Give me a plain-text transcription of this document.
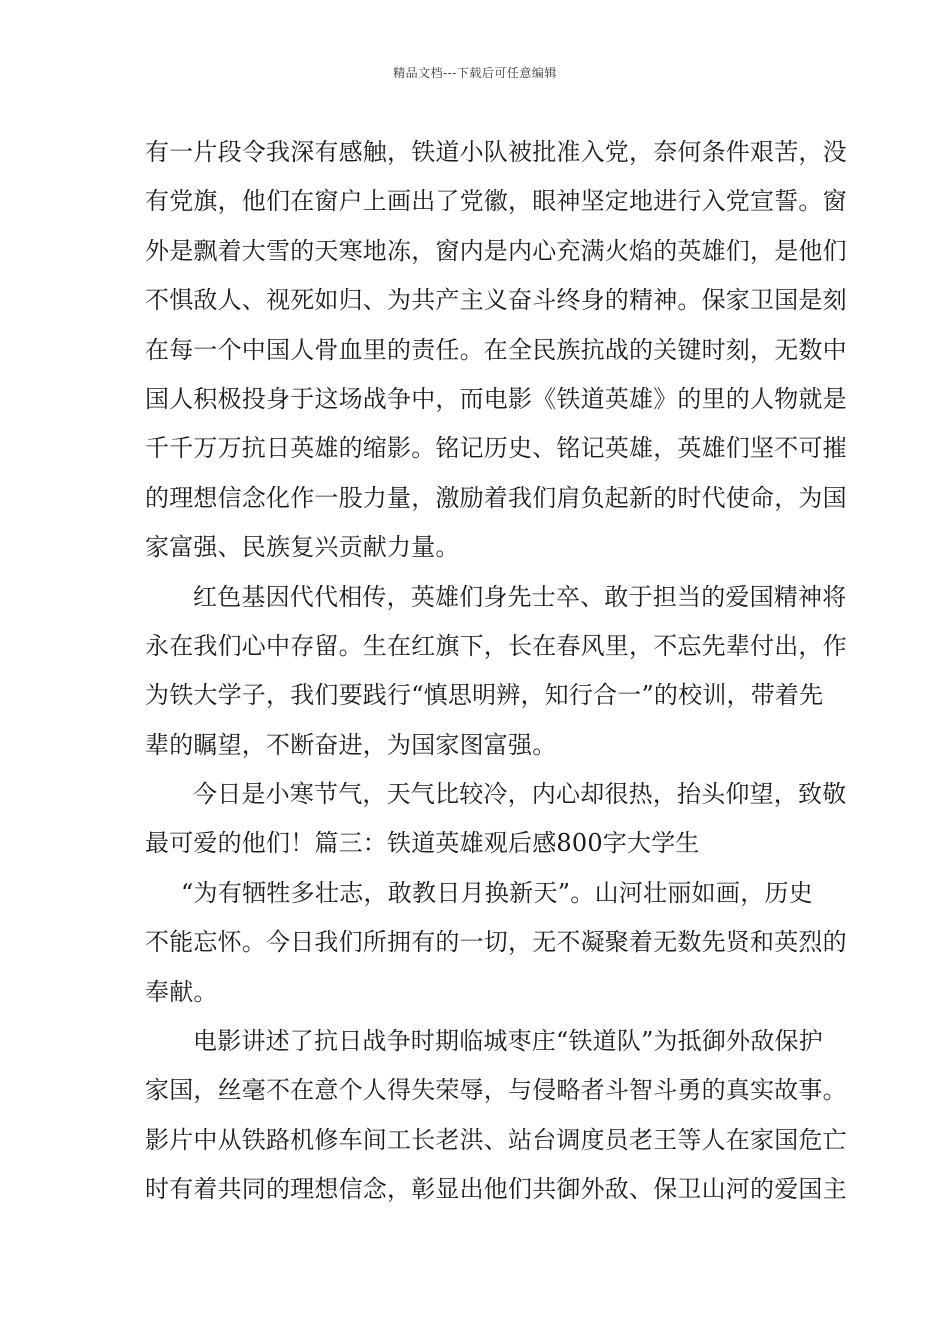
精品文档---下载后可任意编辑
有一片段令我深有感触，铁道小队被批准入党，奈何条件艰苦，没
有党旗，他们在窗户上画出了党徽，眼神坚定地进行入党宣誓。窗
外是飘着大雪的天寒地冻，窗内是内心充满火焰的英雄们，是他们
不惧敌人、视死如归、为共产主义奋斗终身的精神。保家卫国是刻
在每一个中国人骨血里的责任。在全民族抗战的关键时刻，无数中
国人积极投身于这场战争中，而电影《铁道英雄》的里的人物就是
千千万万抗日英雄的缩影。铭记历史、铭记英雄，英雄们坚不可摧
的理想信念化作一股力量，激励着我们肩负起新的时代使命，为国
家富强、民族复兴贡献力量。
红色基因代代相传，英雄们身先士卒、敢于担当的爱国精神将
永在我们心中存留。生在红旗下，长在春风里，不忘先辈付出，作
为铁大学子，我们要践行“慎思明辨，知行合一”的校训，带着先
辈的瞩望，不断奋进，为国家图富强。
今日是小寒节气，天气比较冷，内心却很热，抬头仰望，致敬
最可爱的他们！篇三：铁道英雄观后感800字大学生
“为有牺牲多壮志，敢教日月换新天”。山河壮丽如画，历史
不能忘怀。今日我们所拥有的一切，无不凝聚着无数先贤和英烈的
奉献。
电影讲述了抗日战争时期临城枣庄“铁道队”为抵御外敌保护
家国，丝毫不在意个人得失荣辱，与侵略者斗智斗勇的真实故事。
影片中从铁路机修车间工长老洪、站台调度员老王等人在家国危亡
时有着共同的理想信念，彰显出他们共御外敌、保卫山河的爱国主
